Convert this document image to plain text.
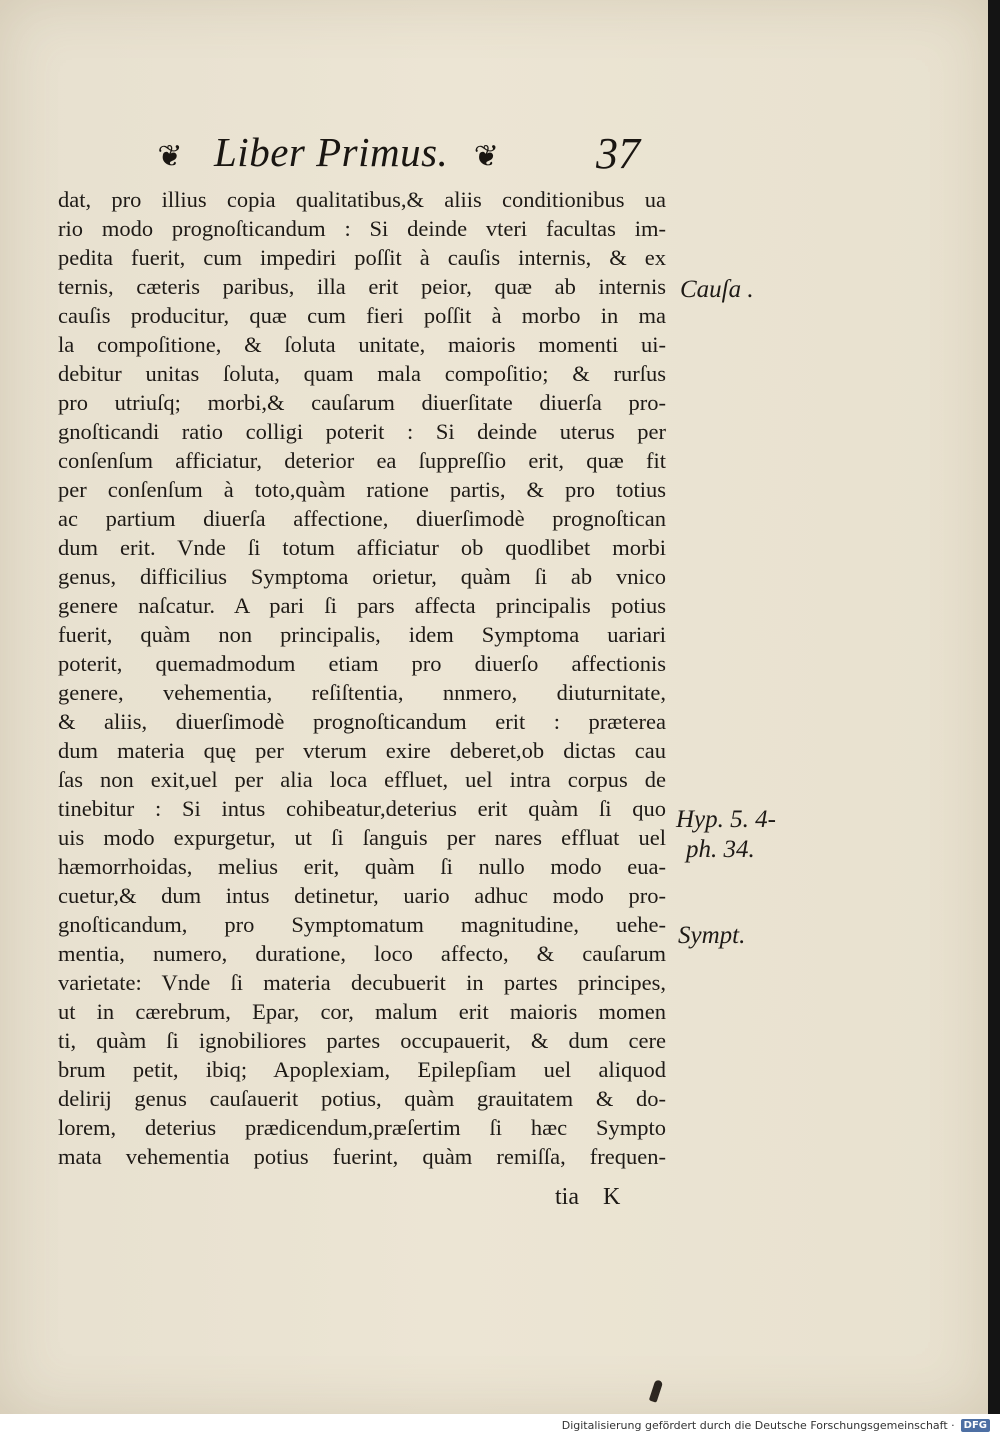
❦ Liber Primus. ❦ 37
dat, pro illius copia qualitatibus,& aliis conditionibus ua
rio modo prognoſticandum : Si deinde vteri facultas im-
pedita fuerit, cum impediri poſſit à cauſis internis, & ex
ternis, cæteris paribus, illa erit peior, quæ ab internis
cauſis producitur, quæ cum fieri poſſit à morbo in ma
la compoſitione, & ſoluta unitate, maioris momenti ui-
debitur unitas ſoluta, quam mala compoſitio; & rurſus
pro utriuſq; morbi,& cauſarum diuerſitate diuerſa pro-
gnoſticandi ratio colligi poterit : Si deinde uterus per
conſenſum afficiatur, deterior ea ſuppreſſio erit, quæ fit
per conſenſum à toto,quàm ratione partis, & pro totius
ac partium diuerſa affectione, diuerſimodè prognoſtican
dum erit. Vnde ſi totum afficiatur ob quodlibet morbi
genus, difficilius Symptoma orietur, quàm ſi ab vnico
genere naſcatur. A pari ſi pars affecta principalis potius
fuerit, quàm non principalis, idem Symptoma uariari
poterit, quemadmodum etiam pro diuerſo affectionis
genere, vehementia, reſiſtentia, nnmero, diuturnitate,
& aliis, diuerſimodè prognoſticandum erit : præterea
dum materia quę per vterum exire deberet,ob dictas cau
ſas non exit,uel per alia loca effluet, uel intra corpus de
tinebitur : Si intus cohibeatur,deterius erit quàm ſi quo
uis modo expurgetur, ut ſi ſanguis per nares effluat uel
hæmorrhoidas, melius erit, quàm ſi nullo modo eua-
cuetur,& dum intus detinetur, uario adhuc modo pro-
gnoſticandum, pro Symptomatum magnitudine, uehe-
mentia, numero, duratione, loco affecto, & cauſarum
varietate: Vnde ſi materia decubuerit in partes principes,
ut in cærebrum, Epar, cor, malum erit maioris momen
ti, quàm ſi ignobiliores partes occupauerit, & dum cere
brum petit, ibiq; Apoplexiam, Epilepſiam uel aliquod
delirij genus cauſauerit potius, quàm grauitatem & do-
lorem, deterius prædicendum,præſertim ſi hæc Sympto
mata vehementia potius fuerint, quàm remiſſa, frequen-
Cauſa .
Hyp. 5. 4-
ph. 34.
Sympt.
tia K
Digitalisierung gefördert durch die Deutsche Forschungsgemeinschaft · DFG
